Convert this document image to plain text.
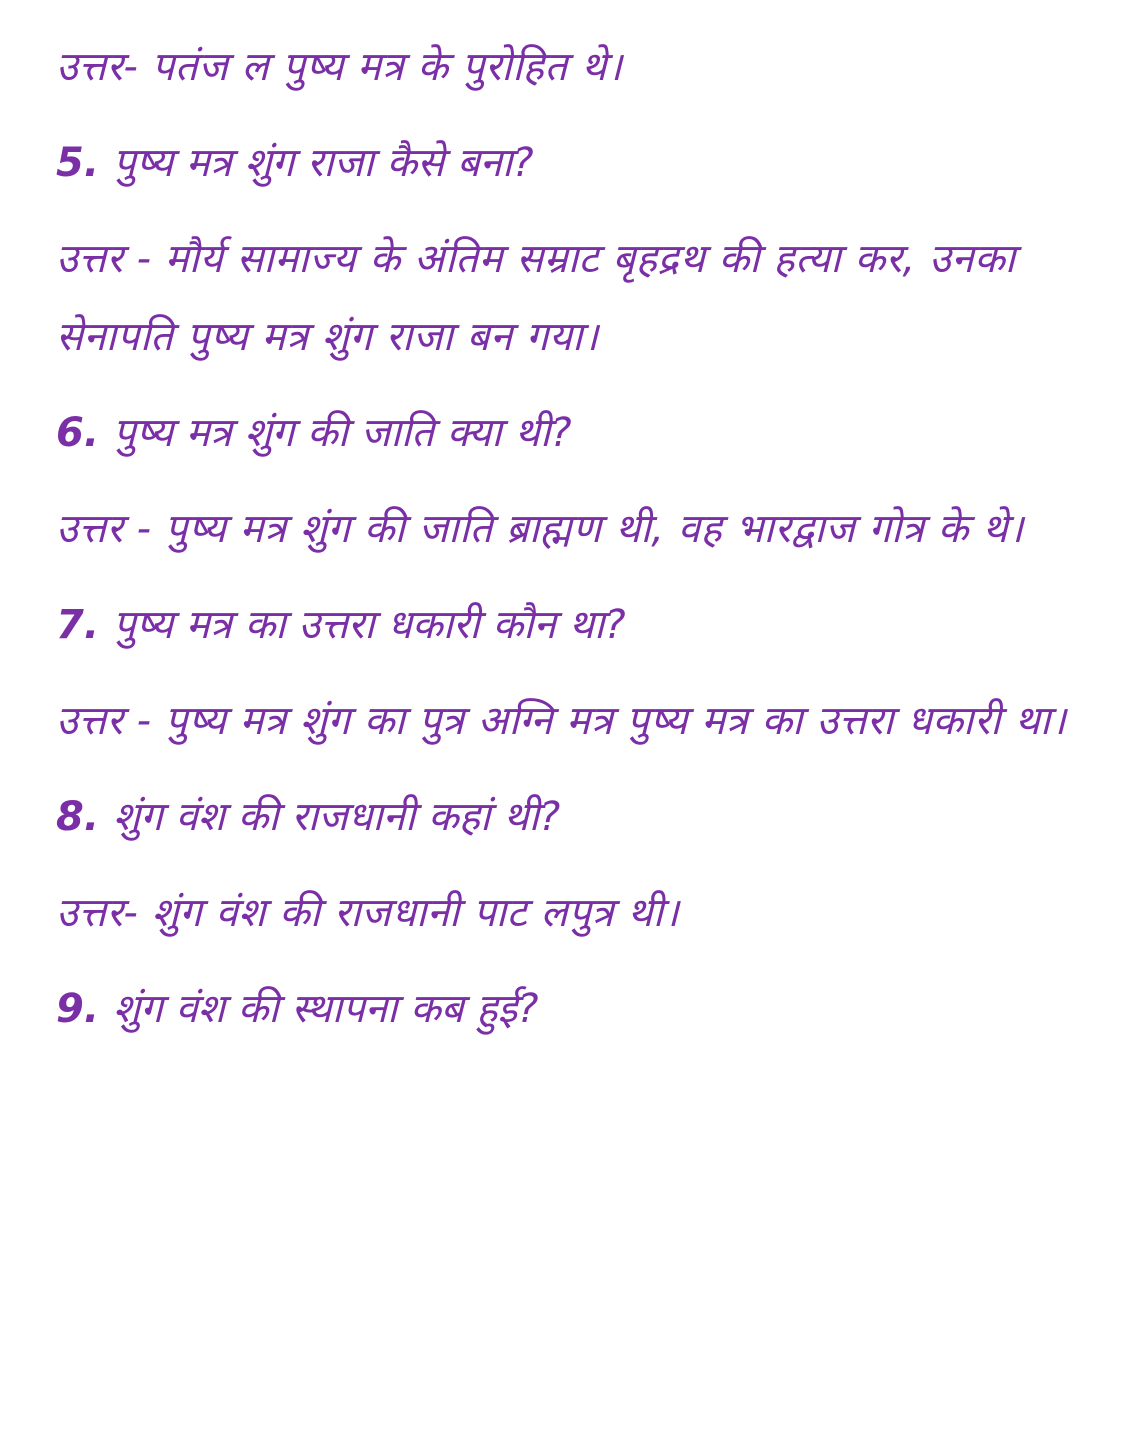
उत्तर- पतंज ल पुष्य मत्र के पुरोहित थे।

5. पुष्य मत्र शुंग राजा कैसे बना?

उत्तर - मौर्य सामाज्य के अंतिम सम्राट बृहद्रथ की हत्या कर, उनका सेनापति पुष्य मत्र शुंग राजा बन गया।

6. पुष्य मत्र शुंग की जाति क्या थी?

उत्तर - पुष्य मत्र शुंग की जाति ब्राह्मण थी, वह भारद्वाज गोत्र के थे।

7. पुष्य मत्र का उत्तरा धकारी कौन था?

उत्तर - पुष्य मत्र शुंग का पुत्र अग्नि मत्र पुष्य मत्र का उत्तरा धकारी था।

8. शुंग वंश की राजधानी कहां थी?

उत्तर- शुंग वंश की राजधानी पाट लपुत्र थी।

9. शुंग वंश की स्थापना कब हुई?
